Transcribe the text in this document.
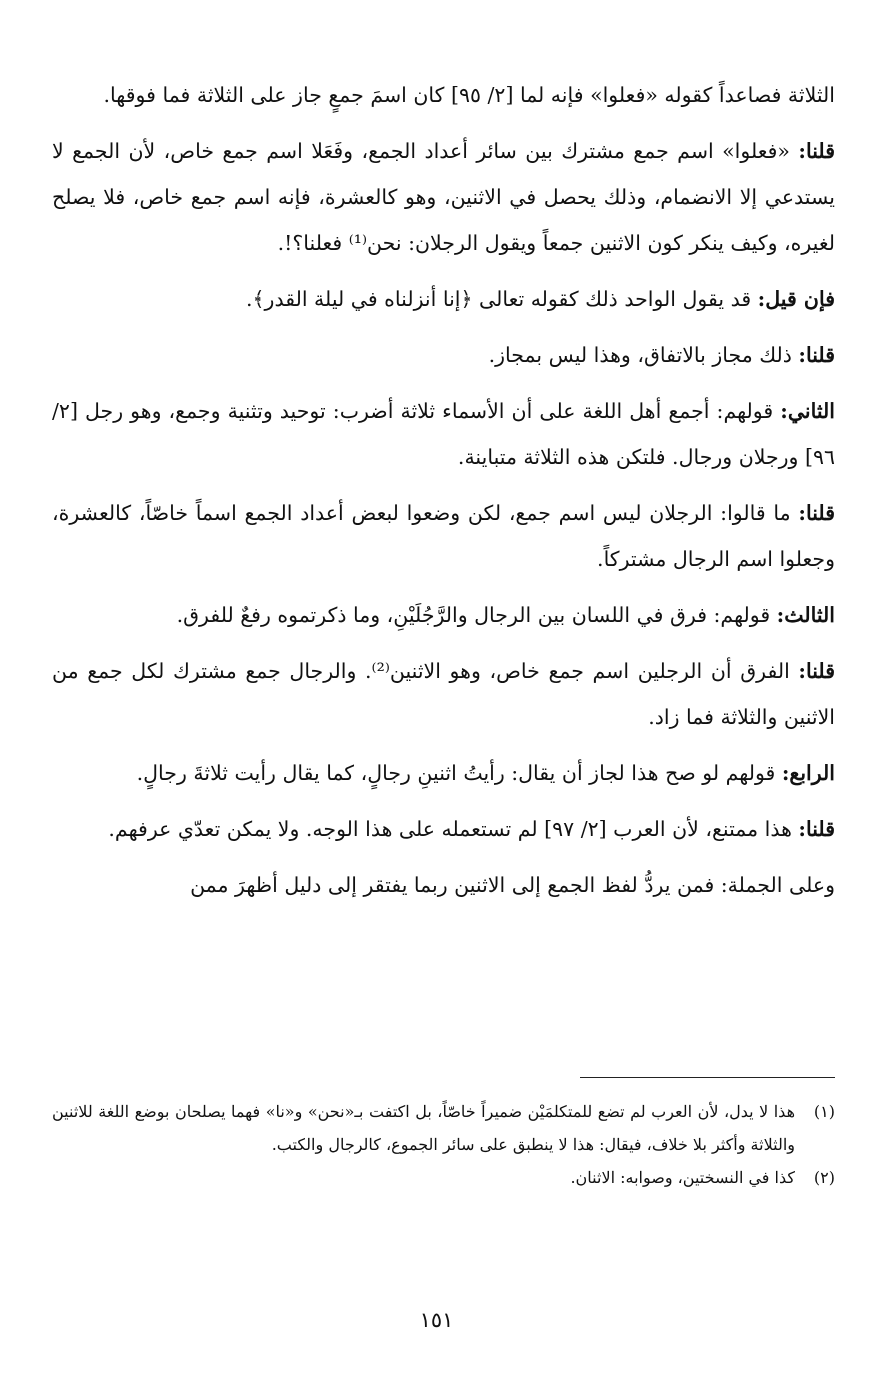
الثلاثة فصاعداً كقوله «فعلوا» فإنه لما [٢/ ٩٥] كان اسمَ جمعٍ جاز على الثلاثة فما فوقها.

قلنا: «فعلوا» اسم جمع مشترك بين سائر أعداد الجمع، وفَعَلا اسم جمع خاص، لأن الجمع لا يستدعي إلا الانضمام، وذلك يحصل في الاثنين، وهو كالعشرة، فإنه اسم جمع خاص، فلا يصلح لغيره، وكيف ينكر كون الاثنين جمعاً ويقول الرجلان: نحن⁽¹⁾ فعلنا؟!.

فإن قيل: قد يقول الواحد ذلك كقوله تعالى ﴿إنا أنزلناه في ليلة القدر﴾.

قلنا: ذلك مجاز بالاتفاق، وهذا ليس بمجاز.

الثاني: قولهم: أجمع أهل اللغة على أن الأسماء ثلاثة أضرب: توحيد وتثنية وجمع، وهو رجل [٢/ ٩٦] ورجلان ورجال. فلتكن هذه الثلاثة متباينة.

قلنا: ما قالوا: الرجلان ليس اسم جمع، لكن وضعوا لبعض أعداد الجمع اسماً خاصّاً، كالعشرة، وجعلوا اسم الرجال مشتركاً.

الثالث: قولهم: فرق في اللسان بين الرجال والرَّجُلَيْنِ، وما ذكرتموه رفعٌ للفرق.

قلنا: الفرق أن الرجلين اسم جمع خاص، وهو الاثنين⁽²⁾. والرجال جمع مشترك لكل جمع من الاثنين والثلاثة فما زاد.

الرابع: قولهم لو صح هذا لجاز أن يقال: رأيتُ اثنينِ رجالٍ، كما يقال رأيت ثلاثةَ رجالٍ.

قلنا: هذا ممتنع، لأن العرب [٢/ ٩٧] لم تستعمله على هذا الوجه. ولا يمكن تعدّي عرفهم.

وعلى الجملة: فمن يردُّ لفظ الجمع إلى الاثنين ربما يفتقر إلى دليل أظهرَ ممن

(١)
هذا لا يدل، لأن العرب لم تضع للمتكلمَيْن ضميراً خاصّاً، بل اكتفت بـ«نحن» و«نا» فهما يصلحان بوضع اللغة للاثنين والثلاثة وأكثر بلا خلاف، فيقال: هذا لا ينطبق على سائر الجموع، كالرجال والكتب.

(٢)
كذا في النسختين، وصوابه: الاثنان.

١٥١
